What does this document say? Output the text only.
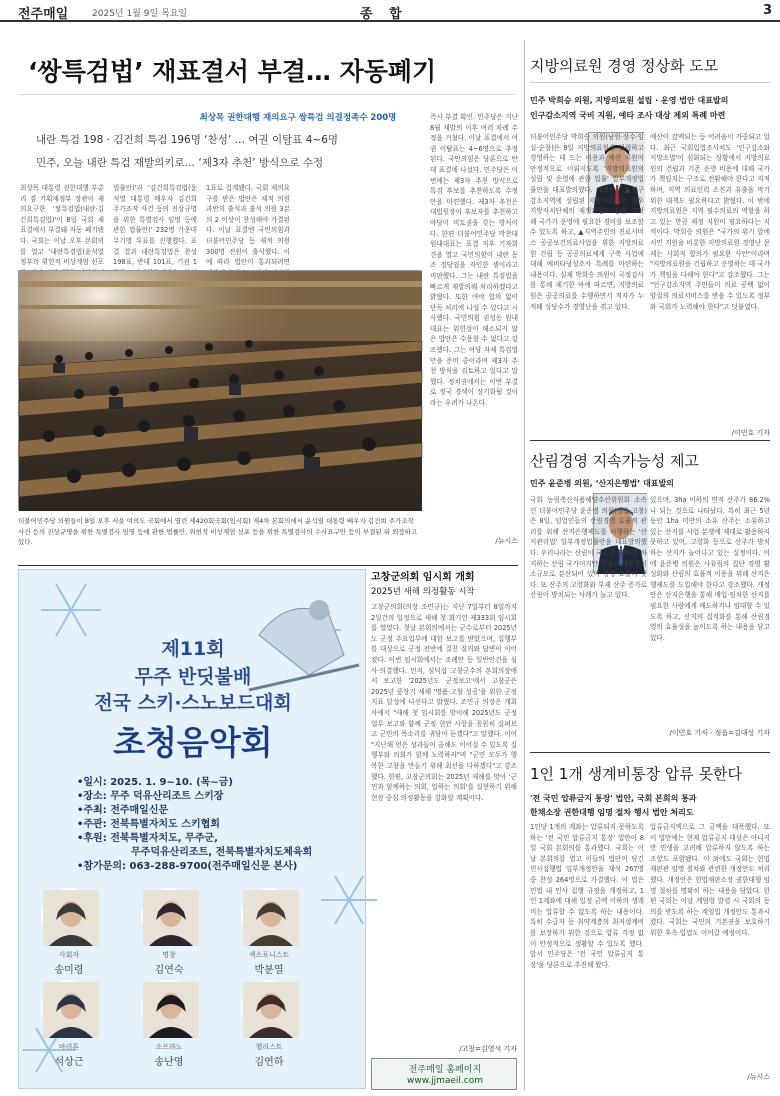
전주매일	2025년 1월 9일 목요일	종 합	3
‘쌍특검법’ 재표결서 부결… 자동폐기
최상목 권한대행 재의요구 쌍특검 의결정족수 200명
내란 특검 198 · 김건희 특검 196명 ‘찬성’ … 여권 이탈표 4~6명
민주, 오늘 내란 특검 재발의키로… ‘제3자 추천’ 방식으로 수정
최상목 대통령 권한대행 부총리 겸 기획재정부 장관이 재의요구한 '쌍특검법(내란·김건희특검법)'이 8일 국회 재표결에서 부결돼 자동 폐기됐다. 국회는 이날 오후 본회의를 열고 '내란특검법(윤석열 정부의 위헌적 비상계엄 선포
법률안)'과 '김건희특검법(윤석열 대통령 배우자 김건희 주가조작 사건 등의 진상규명을 위한 특별검사 임명 등에 관한 법률안)' 232명 가운데 무기명 투표를 진행했다. 표결 결과 내란특검법은 찬성 198표, 반대 101표, 기권 1
1표로 집계됐다. 국회 재의요구를 받은 법안은 재적 의원 과반의 출석과 출석 의원 3분의 2 이상이 찬성해야 가결된다. 이날 표결엔 국민의힘과 더불어민주당 등 재적 의원 300명 전원이 출석했다. 이에 따라 법안이 통과되려면
즉시 부결 확인. 민주당은 지난 8월 재발의 이후 여러 차례 수정을 거쳤다. 이날 표결에서 여권 이탈표는 4~6명으로 추정된다. 국민의힘은 당론으로 반대 표결에 나섰다. 민주당은 이번에는 제3자 추천 방식으로 특검 후보를 추천하도록 수정안을 마련했다. 제3자 추천은 대법원장이 후보자를 추천하고 야당이 비토권을 갖는 방식이다. 한편 더불어민주당 박찬대 원내대표는 표결 직후 기자회견을 열고 국민의힘이 내란 동조 정당임을 자인한 셈이라고 비판했다. 그는 내란 특검법을 빠르게 재발의해 처리하겠다고 밝혔다. 또한 여야 합의 없이 단독 처리에 나설 수 있다고 시사했다. 국민의힘 권성동 원내대표는 위헌성이 해소되지 않은 법안은 수용할 수 없다고 강조했다. 그는 여당 자체 특검법안을 준비 중이라며 제3자 추천 방식을 검토하고 있다고 말했다. 정치권에서는 이번 부결로 정국 경색이 장기화될 것이라는 우려가 나온다.
/뉴시스
더불어민주당 의원들이 8일 오후 서울 여의도 국회에서 열린 제420회국회(임시회) 제4차 본회의에서 윤석열 대통령 배우자 김건희 주가조작 사건 등의 진상규명을 위한 특별검사 임명 등에 관한 법률안, 위헌적 비상계엄 선포 등을 위한 특별검사의 수사요구안 등이 부결된 뒤 퇴장하고 있다.
지방의료원 경영 정상화 도모
민주 박희승 의원, 지방의료원 설립 · 운영 법안 대표발의
인구감소지역 국비 지원, 예타 조사 대상 제외 특례 마련
더불어민주당 박희승 의원(남원·장수·임실·순창)은 8일 지방의료원을 설립하고 경영하는 데 드는 비용과 예산 지원이 안정적으로 이뤄지도록 '지방의료원의 설립 및 운영에 관한 법률' 일부개정법률안을 대표발의했다. 개정안은 ▲인구감소지역에 설립된 지방의료원의 경우 지방자치단체의 재정자립도 등을 고려해 국가가 운영에 필요한 경비를 보조할 수 있도록 하고, ▲지역주민의 진료서비스 공공보건의료사업을 위한 지방의료원 건립 등 공공의료체계 구축 사업에 대해 예비타당성조사 특례를 마련하는 내용이다. 실제 박희승 의원이 국정감사를 통해 제기한 바에 따르면, 지방의료원은 공공의료를 수행하면서 적자가 누적돼 상당수가 경영난을 겪고 있다.
예산이 감액되는 등 어려움이 가중되고 있다. 최근 국회입법조사처도 '인구감소와 지방소멸'이 심화되는 상황에서 지방의료원의 건립과 기존 운영 비용에 대해 국가가 책임지는 구조로 전환해야 한다고 지적하며, 지역 의료인력 소진과 유출을 막기 위한 대책도 필요하다고 밝혔다. 이 밖에 지방의료원은 지역 필수의료의 역할을 하고 있는 만큼 재정 지원이 필요하다는 지적이다. 박희승 의원은 "국가의 위기 앞에 서민 지원을 비롯한 지방의료원 경영난 문제는 사회적 합의가 필요한 사안"이라며 "지방의료원을 건립하고 운영하는 데 국가가 책임을 다해야 한다"고 강조했다. 그는 "인구감소지역 주민들이 의료 공백 없이 양질의 의료서비스를 받을 수 있도록 정부와 국회가 노력해야 한다"고 덧붙였다.
/이민호 기자
산림경영 지속가능성 제고
민주 윤준병 의원, ‘산지은행법’ 대표발의
국회 농림축산식품해양수산위원회 소속인 더불어민주당 윤준병 의원(정읍·고창)은 8일, 임업인들의 산림경영 효율적 관리를 위해 산지은행제도를 시행하는 '산지관리법' 일부개정법률안을 대표발의했다. 우리나라는 산림이 국토의 63%를 차지하는 산림 국가이지만 산림의 대부분이 소규모로 분산되어 있어 경영 효율이 낮다. 또 산주의 고령화와 부재 산주 증가로 산림이 방치되는 사례가 늘고 있다.
있으며, 3ha 이하의 면적 산주가 86.2%나 되는 것으로 나타났다. 특히 최근 5년 동안 1ha 미만의 소유 산주는 소유하고 있는 산지를 사업 분쟁에 제대로 활용하지 못하고 있어, 고령화 등으로 산주가 방치하는 산지가 늘어나고 있는 실정이다. 이에 윤준병 의원은 사유림의 집단 경영 활성화와 산림의 효율적 이용을 위해 산지은행제도를 도입해야 한다고 강조했다. 개정안은 산지은행을 통해 매입·임차한 산지를 필요한 사람에게 매도하거나 임대할 수 있도록 하고, 산지의 집적화를 통해 산림경영의 효율성을 높이도록 하는 내용을 담고 있다.
/이민호 기자 · 정읍=김대성 기자
고창군의회 임시회 개회
2025년 새해 의정활동 시작
고창군의회(의장 조민규)는 지난 7일부터 8일까지 2일간의 일정으로 새해 첫 회기인 제333회 임시회를 열었다. 첫날 본회의에서는 군수로부터 2025년도 군정 주요업무에 대한 보고를 받았으며, 집행부를 대상으로 군정 전반에 걸친 질의와 답변이 이어졌다. 이번 임시회에서는 조례안 등 일반안건을 심사·의결했다. 먼저, 심덕섭 고창군수의 본회의장에서 보고한 '2025년도 군정보고'에서 고창군은 2025년 중장기 새해 '명품·고창 성공'을 위한 군정 지표 달성에 나선다고 밝혔다. 조민규 의장은 개회사에서 "새해 첫 임시회를 맞이해 2025년도 군정 업무 보고와 함께 군정 현안 사항을 꼼꼼히 살펴보고 군민의 목소리를 귀담아 듣겠다"고 말했다. 이어 "지난해 얻은 성과들이 올해도 이어질 수 있도록 집행부와 의회가 함께 노력하자"며 "군민 모두가 행복한 고창을 만들기 위해 최선을 다하겠다"고 강조했다. 한편, 고창군의회는 2025년 새해를 맞아 '군민과 함께하는 의회, 일하는 의회'를 실현하기 위해 현장 중심 의정활동을 강화할 계획이다.
/고창=김영석 기자
제11회
무주 반딧불배
전국 스키·스노보드대회
초청음악회
•일시: 2025. 1. 9~10. (목~금)
•장소: 무주 덕유산리조트 스키장
•주최: 전주매일신문
•주관: 전북특별자치도 스키협회
•후원: 전북특별자치도, 무주군,
무주덕유산리조트, 전북특별자치도체육회
•참가문의: 063-288-9700(전주매일신문 본사)
사회자
송미령
명창
김연숙
색소포니스트
박분열
바리톤
석상근
소프라노
송난영
첼리스트
김연하
1인 1개 생계비통장 압류 못한다
'전 국민 압류금지 통장' 법안, 국회 본회의 통과
한채소장 권한대행 임명 절차 행시 법안 처리도
1인당 1개의 계좌는 압류되지 못하도록 하는 '전 국민 압류금지 통장' 법안이 8일 국회 본회의를 통과했다. 국회는 이날 본회의를 열고 이들의 법안이 담긴 민사집행법 일부개정안을 재석 267명 중 찬성 264명으로 가결했다. 이 법은 민법 내 민사 집행 규정을 개정하고, 1인 1계좌에 대해 일정 금액 이하의 생계비는 압류할 수 없도록 하는 내용이다. 특히 수급자 등 취약계층의 최저생계비를 보장하기 위한 것으로 압류 걱정 없이 안정적으로 생활할 수 있도록 했다. 앞서 민주당은 '전 국민 압류금지 통장'을 당론으로 추진해 왔다.
압류금지액으로 그 금액을 대폭했다. 또 이 법안에는 현재 압류금지 대상은 아니지만 민생을 고려해 압류하지 않도록 하는 조항도 포함됐다. 이 외에도 국회는 헌법재판관 임명 절차와 관련한 개정안도 처리했다. 개정안은 헌법재판소장 권한대행 임명 절차를 명확히 하는 내용을 담았다. 한편 국회는 이날 계엄령 발령 시 국회의 동의를 받도록 하는 계엄법 개정안도 통과시켰다. 국회는 국민의 기본권을 보호하기 위한 후속 입법도 이어갈 예정이다.
/뉴시스
전주매일 홈페이지
www.jjmaeil.com
